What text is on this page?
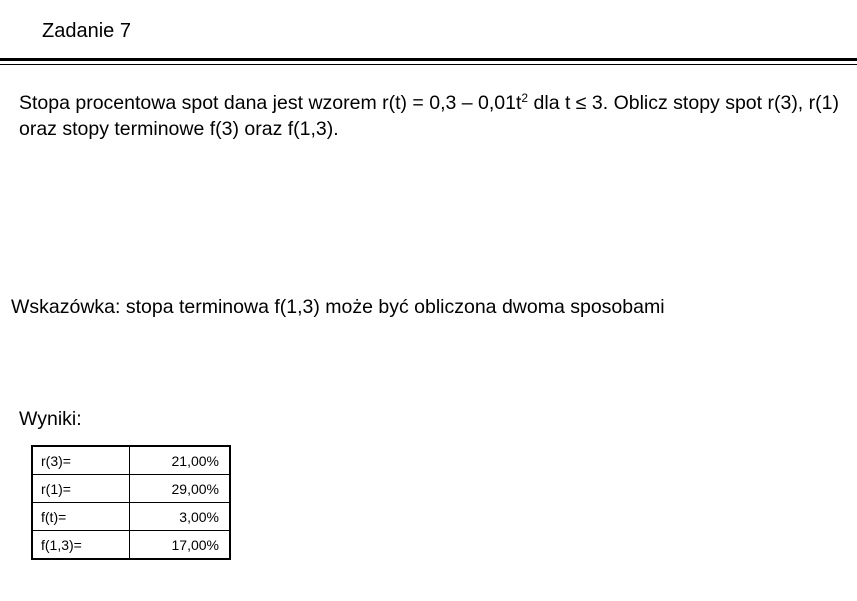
Zadanie 7
Stopa procentowa spot dana jest wzorem $r(t) = 0,3 - 0,01t^2$ dla t ≤ 3. Oblicz stopy spot r(3), r(1) oraz stopy terminowe f(3) oraz f(1,3).
Wskazówka: stopa terminowa f(1,3) może być obliczona dwoma sposobami
Wyniki:
r(3)=	21,00%
r(1)=	29,00%
f(t)=	3,00%
f(1,3)=	17,00%
